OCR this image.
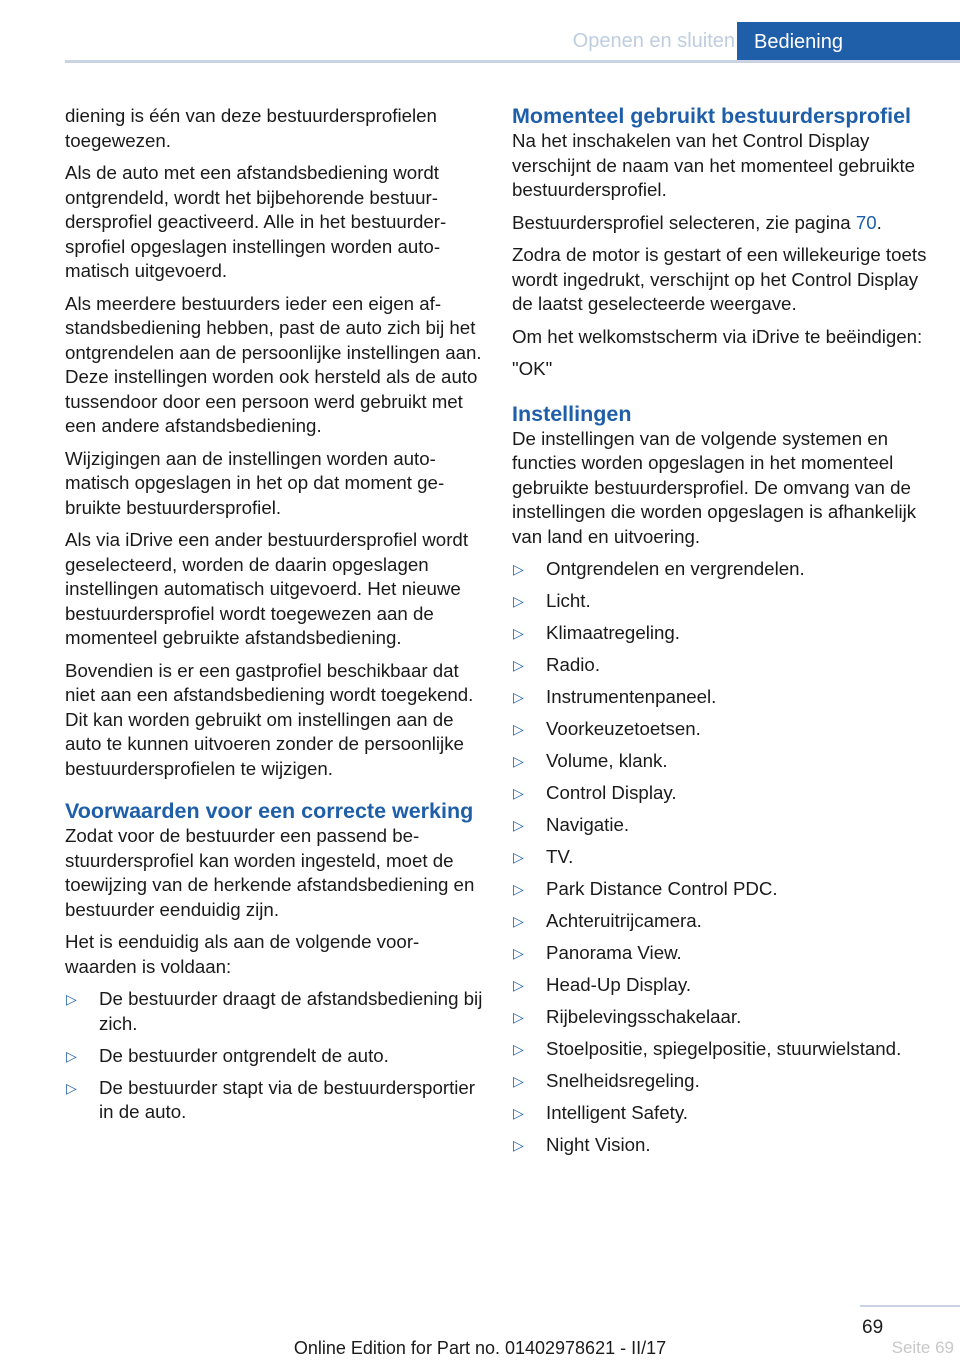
Openen en sluiten Bediening

diening is één van deze bestuurdersprofielen toegewezen.

Als de auto met een afstandsbediening wordt ontgrendeld, wordt het bijbehorende bestuurdersprofiel geactiveerd. Alle in het bestuurdersprofiel opgeslagen instellingen worden automatisch uitgevoerd.

Als meerdere bestuurders ieder een eigen afstandsbediening hebben, past de auto zich bij het ontgrendelen aan de persoonlijke instellingen aan. Deze instellingen worden ook hersteld als de auto tussendoor door een persoon werd gebruikt met een andere afstandsbediening.

Wijzigingen aan de instellingen worden automatisch opgeslagen in het op dat moment gebruikte bestuurdersprofiel.

Als via iDrive een ander bestuurdersprofiel wordt geselecteerd, worden de daarin opgeslagen instellingen automatisch uitgevoerd. Het nieuwe bestuurdersprofiel wordt toegewezen aan de momenteel gebruikte afstandsbediening.

Bovendien is er een gastprofiel beschikbaar dat niet aan een afstandsbediening wordt toegekend. Dit kan worden gebruikt om instellingen aan de auto te kunnen uitvoeren zonder de persoonlijke bestuurdersprofielen te wijzigen.

Voorwaarden voor een correcte werking

Zodat voor de bestuurder een passend bestuurdersprofiel kan worden ingesteld, moet de toewijzing van de herkende afstandsbediening en bestuurder eenduidig zijn.

Het is eenduidig als aan de volgende voorwaarden is voldaan:

▷ De bestuurder draagt de afstandsbediening bij zich.
▷ De bestuurder ontgrendelt de auto.
▷ De bestuurder stapt via de bestuurdersportier in de auto.
Momenteel gebruikt bestuurdersprofiel

Na het inschakelen van het Control Display verschijnt de naam van het momenteel gebruikte bestuurdersprofiel.

Bestuurdersprofiel selecteren, zie pagina 70.

Zodra de motor is gestart of een willekeurige toets wordt ingedrukt, verschijnt op het Control Display de laatst geselecteerde weergave.

Om het welkomstscherm via iDrive te beëindigen:

"OK"

Instellingen

De instellingen van de volgende systemen en functies worden opgeslagen in het momenteel gebruikte bestuurdersprofiel. De omvang van de instellingen die worden opgeslagen is afhankelijk van land en uitvoering.

▷ Ontgrendelen en vergrendelen.
▷ Licht.
▷ Klimaatregeling.
▷ Radio.
▷ Instrumentenpaneel.
▷ Voorkeuzetoetsen.
▷ Volume, klank.
▷ Control Display.
▷ Navigatie.
▷ TV.
▷ Park Distance Control PDC.
▷ Achteruitrijcamera.
▷ Panorama View.
▷ Head-Up Display.
▷ Rijbelevingsschakelaar.
▷ Stoelpositie, spiegelpositie, stuurwielstand.
▷ Snelheidsregeling.
▷ Intelligent Safety.
▷ Night Vision.
69
Seite 69
Online Edition for Part no. 01402978621 - II/17
